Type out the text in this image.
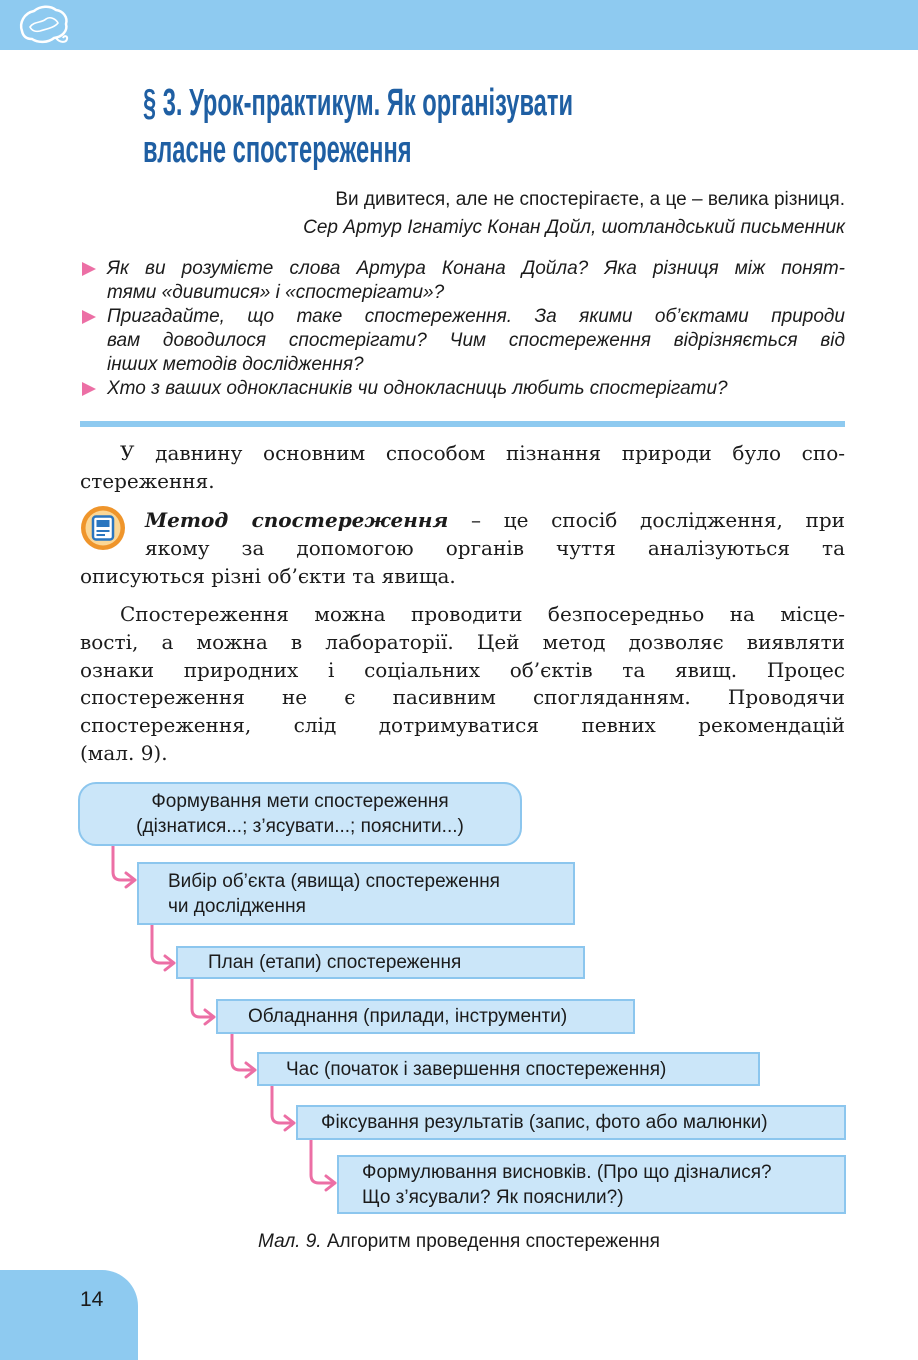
§ 3. Урок-практикум. Як організувати
власне спостереження
Ви дивитеся, але не спостерігаєте, а це – велика різниця.
Сер Артур Ігнатіус Конан Дойл, шотландський письменник
Як ви розумієте слова Артура Конана Дойла? Яка різниця між понят-
тями «дивитися» і «спостерігати»?
Пригадайте, що таке спостереження. За якими об’єктами природи
вам доводилося спостерігати? Чим спостереження відрізняється від
інших методів дослідження?
Хто з ваших однокласників чи однокласниць любить спостерігати?
У давнину основним способом пізнання природи було спо-
стереження.
Метод спостереження – це спосіб дослідження, при
якому за допомогою органів чуття аналізуються та
описуються різні об’єкти та явища.
Спостереження можна проводити безпосередньо на місце-
вості, а можна в лабораторії. Цей метод дозволяє виявляти
ознаки природних і соціальних об’єктів та явищ. Процес
спостереження не є пасивним спогляданням. Проводячи
спостереження, слід дотримуватися певних рекомендацій
(мал. 9).
Формування мети спостереження
(дізнатися...; з’ясувати...; пояснити...)
Вибір об’єкта (явища) спостереження
чи дослідження
План (етапи) спостереження
Обладнання (прилади, інструменти)
Час (початок і завершення спостереження)
Фіксування результатів (запис, фото або малюнки)
Формулювання висновків. (Про що дізналися?
Що з’ясували? Як пояснили?)
Мал. 9. Алгоритм проведення спостереження
14
